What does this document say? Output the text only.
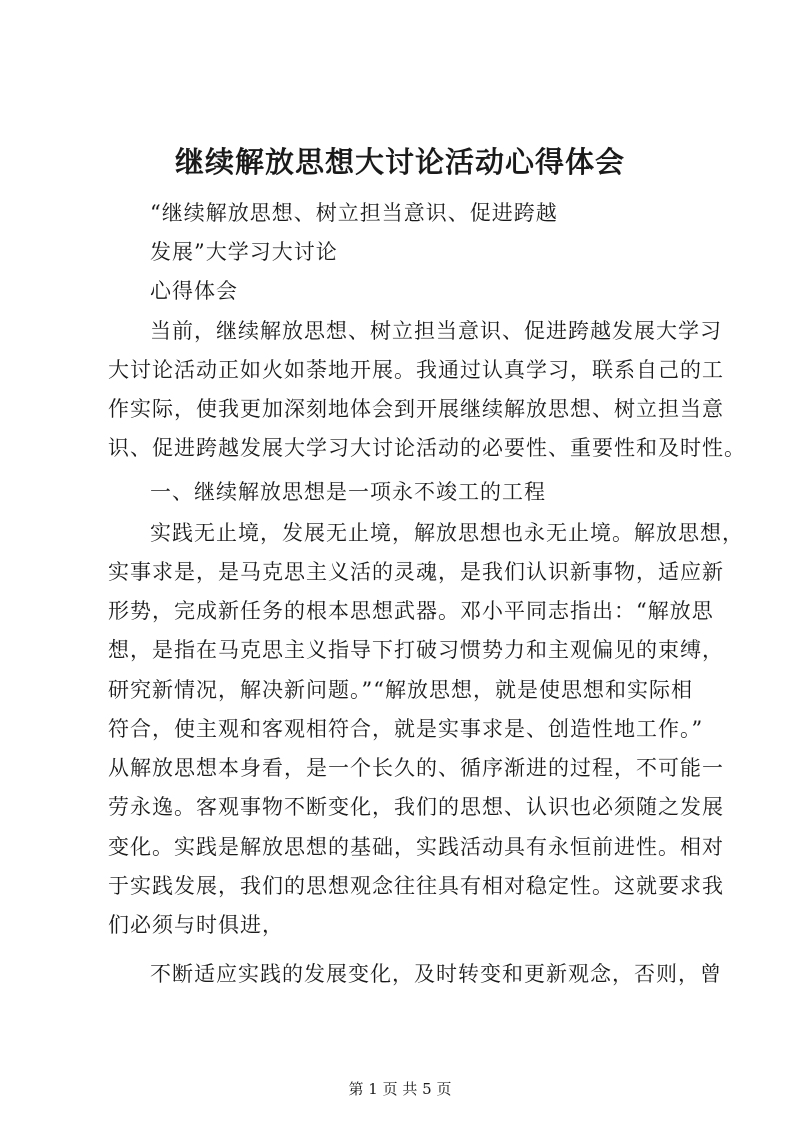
继续解放思想大讨论活动心得体会
“继续解放思想、树立担当意识、促进跨越
发展”大学习大讨论
心得体会
当前，继续解放思想、树立担当意识、促进跨越发展大学习
大讨论活动正如火如荼地开展。我通过认真学习，联系自己的工
作实际，使我更加深刻地体会到开展继续解放思想、树立担当意
识、促进跨越发展大学习大讨论活动的必要性、重要性和及时性。
一、继续解放思想是一项永不竣工的工程
实践无止境，发展无止境，解放思想也永无止境。解放思想，
实事求是，是马克思主义活的灵魂，是我们认识新事物，适应新
形势，完成新任务的根本思想武器。邓小平同志指出：“解放思
想，是指在马克思主义指导下打破习惯势力和主观偏见的束缚，
研究新情况，解决新问题。”“解放思想，就是使思想和实际相
符合，使主观和客观相符合，就是实事求是、创造性地工作。”
从解放思想本身看，是一个长久的、循序渐进的过程，不可能一
劳永逸。客观事物不断变化，我们的思想、认识也必须随之发展
变化。实践是解放思想的基础，实践活动具有永恒前进性。相对
于实践发展，我们的思想观念往往具有相对稳定性。这就要求我
们必须与时俱进，
不断适应实践的发展变化，及时转变和更新观念，否则，曾
第 1 页 共 5 页
